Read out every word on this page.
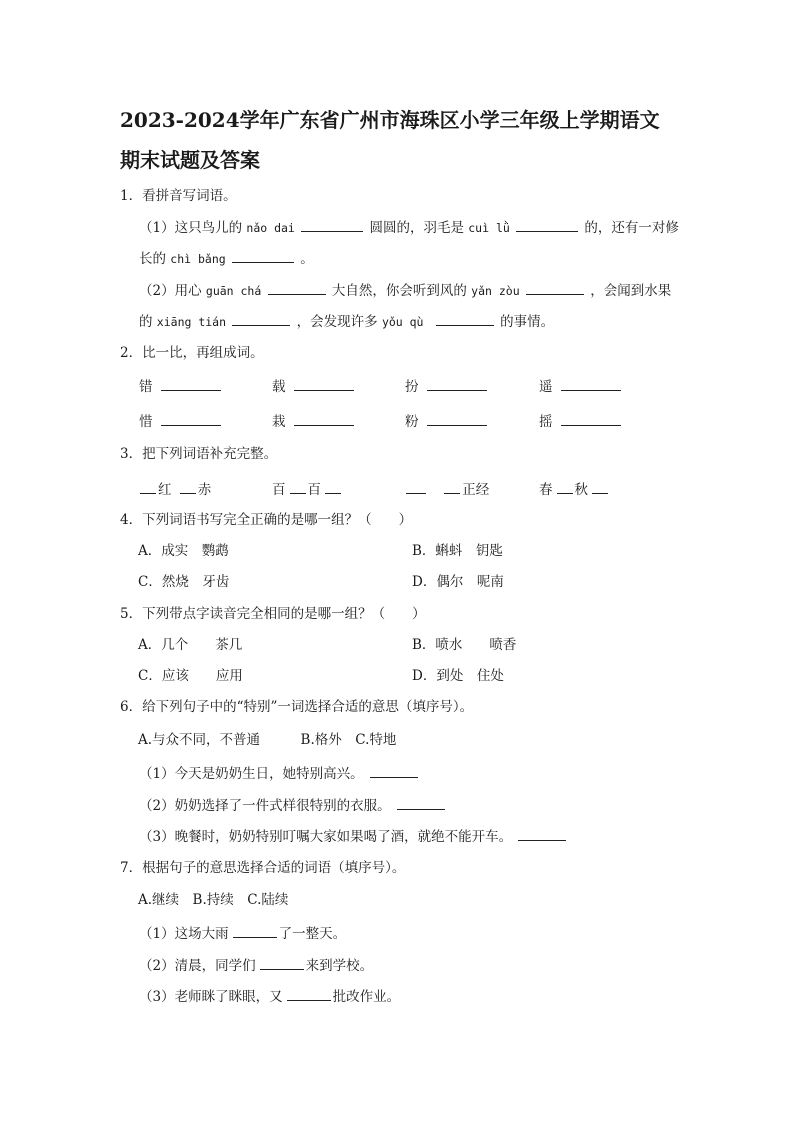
2023-2024学年广东省广州市海珠区小学三年级上学期语文
期末试题及答案
1．看拼音写词语。
（1）这只鸟儿的 nǎo dai	圆圆的，羽毛是 cuì lǜ	的，还有一对修
长的 chì bǎng	。
（2）用心 guān chá	大自然，你会听到风的 yǎn zòu	，会闻到水果
的 xiāng tián	，会发现许多 yǒu qù	的事情。
2．比一比，再组成词。
错	载	扮	遥
惜	栽	粉	摇
3．把下列词语补充完整。
红 赤	百 百	正经	春 秋
4．下列词语书写完全正确的是哪一组？（　　）
A．成实　鹦鹉	B．蝌蚪　钥匙
C．然烧　牙齿	D．偶尔　呢南
5．下列带点字读音完全相同的是哪一组？（　　）
A．几个　　茶几	B．喷水　　喷香
C．应该　　应用	D．到处　住处
6．给下列句子中的“特别”一词选择合适的意思（填序号）。
A.与众不同，不普通　　　B.格外　C.特地
（1）今天是奶奶生日，她特别高兴。
（2）奶奶选择了一件式样很特别的衣服。
（3）晚餐时，奶奶特别叮嘱大家如果喝了酒，就绝不能开车。
7．根据句子的意思选择合适的词语（填序号）。
A.继续　B.持续　C.陆续
（1）这场大雨	了一整天。
（2）清晨，同学们	来到学校。
（3）老师眯了眯眼，又	批改作业。
